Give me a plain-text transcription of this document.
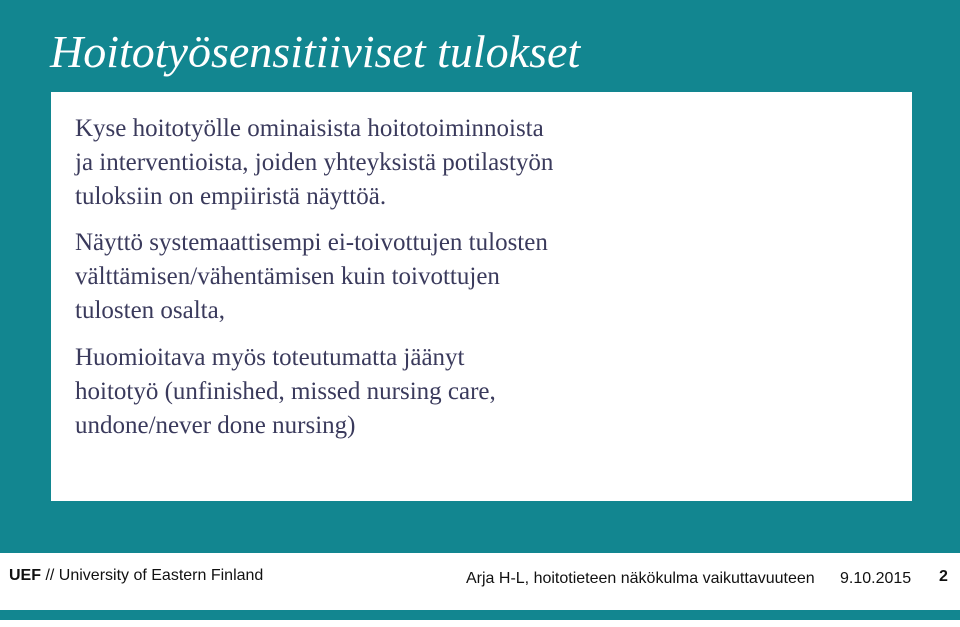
Hoitotyösensitiiviset tulokset

Kyse hoitotyölle ominaisista hoitotoiminnoista
ja interventioista, joiden yhteyksistä potilastyön
tuloksiin on empiiristä näyttöä.

Näyttö systemaattisempi ei-toivottujen tulosten
välttämisen/vähentämisen kuin toivottujen
tulosten osalta,

Huomioitava myös toteutumatta jäänyt
hoitotyö (unfinished, missed nursing care,
undone/never done nursing)

UEF // University of Eastern Finland	Arja H-L, hoitotieteen näkökulma vaikuttavuuteen 9.10.2015 2
